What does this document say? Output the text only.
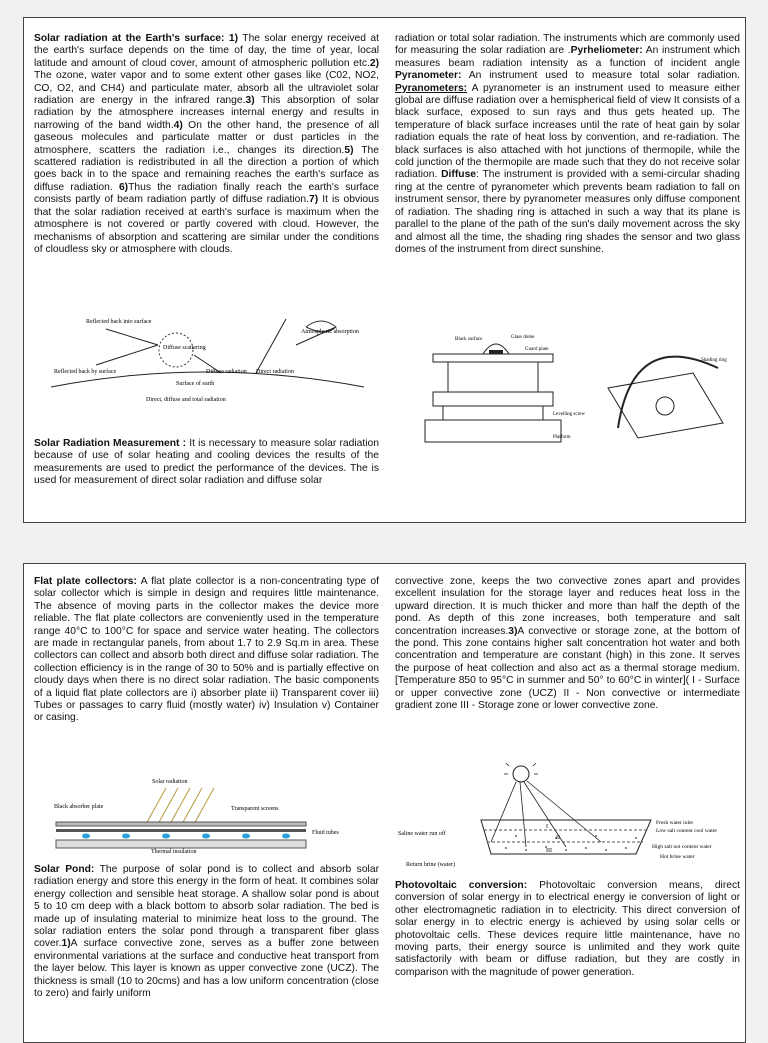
Solar radiation at the Earth's surface: 1) The solar energy received at the earth's surface depends on the time of day, the time of year, local latitude and amount of cloud cover, amount of atmospheric pollution etc.2) The ozone, water vapor and to some extent other gases like (C02, NO2, CO, O2, and CH4) and particulate mater, absorb all the ultraviolet solar radiation are energy in the infrared range.3) This absorption of solar radiation by the atmosphere increases internal energy and results in narrowing of the band width.4) On the other hand, the presence of all gaseous molecules and particulate matter or dust particles in the atmosphere, scatters the radiation i.e., changes its direction.5) The scattered radiation is redistributed in all the direction a portion of which goes back in to the space and remaining reaches the earth's surface as diffuse radiation. 6)Thus the radiation finally reach the earth's surface consists partly of beam radiation partly of diffuse radiation.7) It is obvious that the solar radiation received at earth's surface is maximum when the atmosphere is not covered or partly covered with cloud. However, the mechanisms of absorption and scattering are similar under the conditions of cloudless sky or atmosphere with clouds.

Reflected back into surface
Diffuse scattering
Atmospheric absorption
Reflected back by surface	Diffuse radiation Direct radiation
Surface of earth
Direct, diffuse and total radiation

Solar Radiation Measurement : It is necessary to measure solar radiation because of use of solar heating and cooling devices the results of the measurements are used to predict the performance of the devices. The is used for measurement of direct solar radiation and diffuse solar

radiation or total solar radiation. The instruments which are commonly used for measuring the solar radiation are .Pyrheliometer: An instrument which measures beam radiation intensity as a function of incident angle Pyranometer: An instrument used to measure total solar radiation. Pyranometers: A pyranometer is an instrument used to measure either global are diffuse radiation over a hemispherical field of view It consists of a black surface, exposed to sun rays and thus gets heated up. The temperature of black surface increases until the rate of heat gain by solar radiation equals the rate of heat loss by convention, and re-radiation. The black surfaces is also attached with hot junctions of thermopile, while the cold junction of the thermopile are made such that they do not receive solar radiation. Diffuse: The instrument is provided with a semi-circular shading ring at the centre of pyranometer which prevents beam radiation to fall on instrument sensor, there by pyranometer measures only diffuse component of radiation. The shading ring is attached in such a way that its plane is parallel to the plane of the path of the sun's daily movement across the sky and almost all the time, the shading ring shades the sensor and two glass domes of the instrument from direct sunshine.

Black surface	Glass dome
Guard plate
Levelling screw
Platform
Shading ring

Flat plate collectors: A flat plate collector is a non-concentrating type of solar collector which is simple in design and requires little maintenance. The absence of moving parts in the collector makes the device more reliable. The flat plate collectors are conveniently used in the temperature range 40°C to 100°C for space and service water heating. The collectors are made in rectangular panels, from about 1.7 to 2.9 Sq.m in area. These collectors can collect and absorb both direct and diffuse solar radiation. The collection efficiency is in the range of 30 to 50% and is partially effective on cloudy days when there is no direct solar radiation. The basic components of a liquid flat plate collectors are i) absorber plate ii) Transparent cover iii) Tubes or passages to carry fluid (mostly water) iv) Insulation v) Container or casing.

Solar radiation
Black absorber plate	Transparent screens
Fluid tubes
Thermal insulation

Solar Pond: The purpose of solar pond is to collect and absorb solar radiation energy and store this energy in the form of heat. It combines solar energy collection and sensible heat storage. A shallow solar pond is about 5 to 10 cm deep with a black bottom to absorb solar radiation. The bed is made up of insulating material to minimize heat loss to the ground. The solar radiation enters the solar pond through a transparent fiber glass cover.1)A surface convective zone, serves as a buffer zone between environmental variations at the surface and conductive heat transport from the layer below. This layer is known as upper convective zone (UCZ). The thickness is small (10 to 20cms) and has a low uniform concentration (close to zero) and fairly uniform

convective zone, keeps the two convective zones apart and provides excellent insulation for the storage layer and reduces heat loss in the upward direction. It is much thicker and more than half the depth of the pond. As depth of this zone increases, both temperature and salt concentration increases.3)A convective or storage zone, at the bottom of the pond. This zone contains higher salt concentration hot water and both concentration and temperature are constant (high) in this zone. It serves the purpose of heat collection and also act as a thermal storage medium. [Temperature 850 to 95°C in summer and 50° to 60°C in winter]( I - Surface or upper convective zone (UCZ) II - Non convective or intermediate gradient zone III - Storage zone or lower convective zone.

I
II
III
Saline water run off
Return brine (water)
Fresh water inlet
Low salt content cool water
High salt not content water
Hot brine water

Photovoltaic conversion: Photovoltaic conversion means, direct conversion of solar energy in to electrical energy ie conversion of light or other electromagnetic radiation in to electricity. This direct conversion of solar energy in to electric energy is achieved by using solar cells or photovoltaic cells. These devices require little maintenance, have no moving parts, their energy source is unlimited and they work quite satisfactorily with beam or diffuse radiation, but they are costly in comparison with the magnitude of power generation.
